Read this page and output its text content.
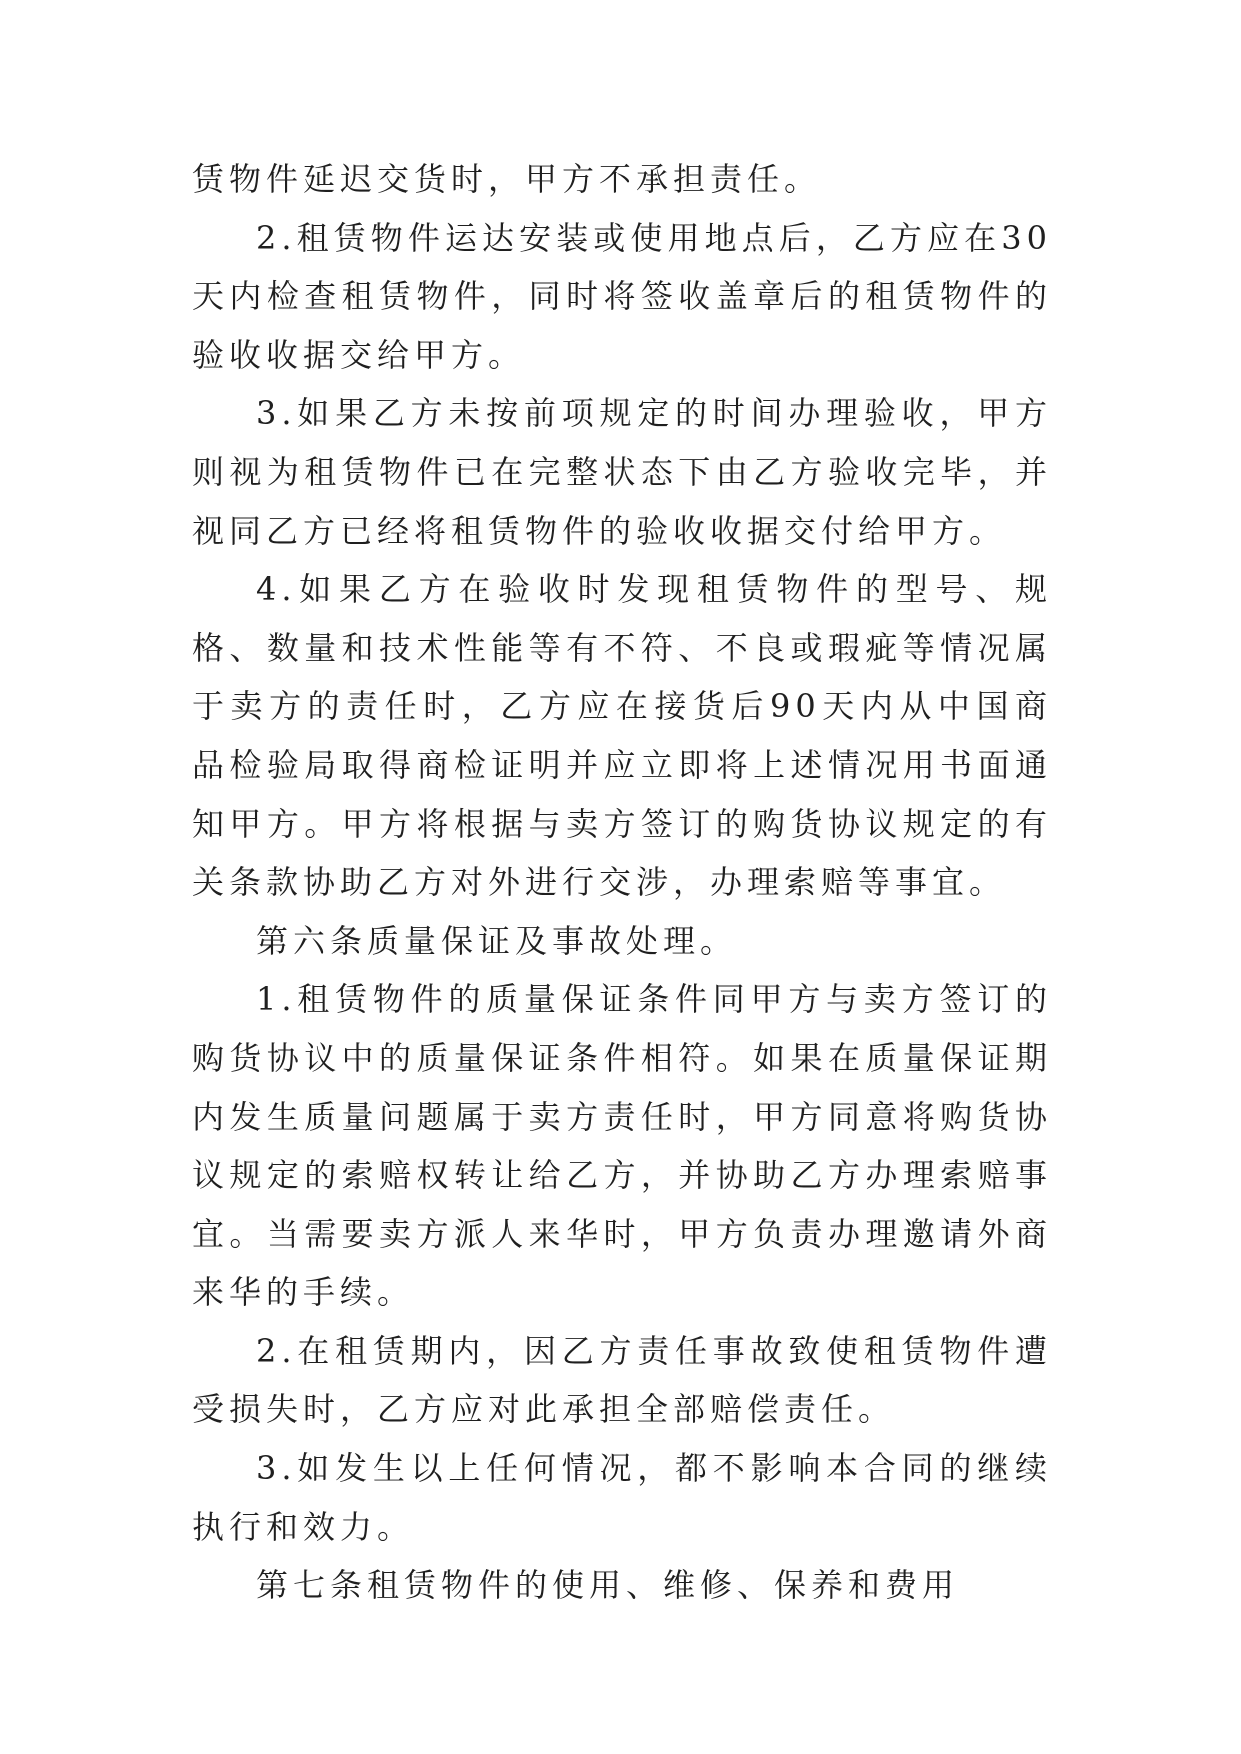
赁物件延迟交货时，甲方不承担责任。

2.租赁物件运达安装或使用地点后，乙方应在30天内检查租赁物件，同时将签收盖章后的租赁物件的验收收据交给甲方。

3.如果乙方未按前项规定的时间办理验收，甲方则视为租赁物件已在完整状态下由乙方验收完毕，并视同乙方已经将租赁物件的验收收据交付给甲方。

4.如果乙方在验收时发现租赁物件的型号、规格、数量和技术性能等有不符、不良或瑕疵等情况属于卖方的责任时，乙方应在接货后90天内从中国商品检验局取得商检证明并应立即将上述情况用书面通知甲方。甲方将根据与卖方签订的购货协议规定的有关条款协助乙方对外进行交涉，办理索赔等事宜。

第六条质量保证及事故处理。

1.租赁物件的质量保证条件同甲方与卖方签订的购货协议中的质量保证条件相符。如果在质量保证期内发生质量问题属于卖方责任时，甲方同意将购货协议规定的索赔权转让给乙方，并协助乙方办理索赔事宜。当需要卖方派人来华时，甲方负责办理邀请外商来华的手续。

2.在租赁期内，因乙方责任事故致使租赁物件遭受损失时，乙方应对此承担全部赔偿责任。

3.如发生以上任何情况，都不影响本合同的继续执行和效力。

第七条租赁物件的使用、维修、保养和费用
